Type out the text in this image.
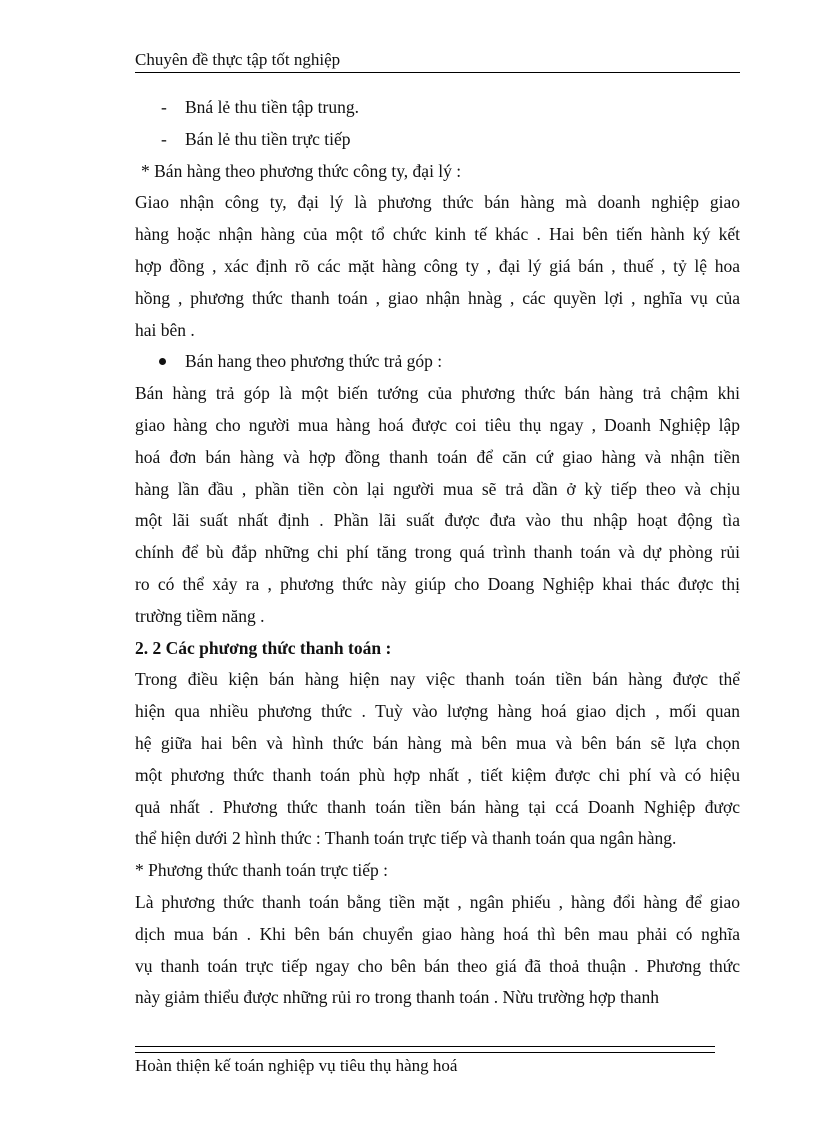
Chuyên đề thực tập tốt nghiệp
- Bná lẻ thu tiền tập trung.
- Bán lẻ thu tiền trực tiếp
* Bán hàng theo phương thức công ty, đại lý :
Giao nhận công ty, đại lý là phương thức bán hàng mà doanh nghiệp giao
hàng hoặc nhận hàng của một tổ chức kinh tế khác . Hai bên tiến hành ký kết
hợp đồng , xác định rõ các mặt hàng công ty , đại lý giá bán , thuế , tỷ lệ hoa
hồng , phương thức thanh toán , giao nhận hnàg , các quyền lợi , nghĩa vụ của
hai bên .
Bán hang theo phương thức trả góp :
Bán hàng trả góp là một biến tướng của phương thức bán hàng trả chậm khi
giao hàng cho người mua hàng hoá được coi tiêu thụ ngay , Doanh Nghiệp lập
hoá đơn bán hàng và hợp đồng thanh toán để căn cứ giao hàng và nhận tiền
hàng lần đầu , phần tiền còn lại người mua sẽ trả dần ở kỳ tiếp theo và chịu
một lãi suất nhất định . Phần lãi suất được đưa vào thu nhập hoạt động tìa
chính để bù đắp những chi phí tăng trong quá trình thanh toán và dự phòng rủi
ro có thể xảy ra , phương thức này giúp cho Doang Nghiệp khai thác được thị
trường tiềm năng .
2. 2 Các phương thức thanh toán :
Trong điều kiện bán hàng hiện nay việc thanh toán tiền bán hàng được thể
hiện qua nhiều phương thức . Tuỳ vào lượng hàng hoá giao dịch , mối quan
hệ giữa hai bên và hình thức bán hàng mà bên mua và bên bán sẽ lựa chọn
một phương thức thanh toán phù hợp nhất , tiết kiệm được chi phí và có hiệu
quả nhất . Phương thức thanh toán tiền bán hàng tại ccá Doanh Nghiệp được
thể hiện dưới 2 hình thức : Thanh toán trực tiếp và thanh toán qua ngân hàng.
* Phương thức thanh toán trực tiếp :
Là phương thức thanh toán bằng tiền mặt , ngân phiếu , hàng đổi hàng để giao
dịch mua bán . Khi bên bán chuyển giao hàng hoá thì bên mau phải có nghĩa
vụ thanh toán trực tiếp ngay cho bên bán theo giá đã thoả thuận . Phương thức
này giảm thiểu được những rủi ro trong thanh toán . Nừu trường hợp thanh
Hoàn thiện kế toán nghiệp vụ tiêu thụ hàng hoá
